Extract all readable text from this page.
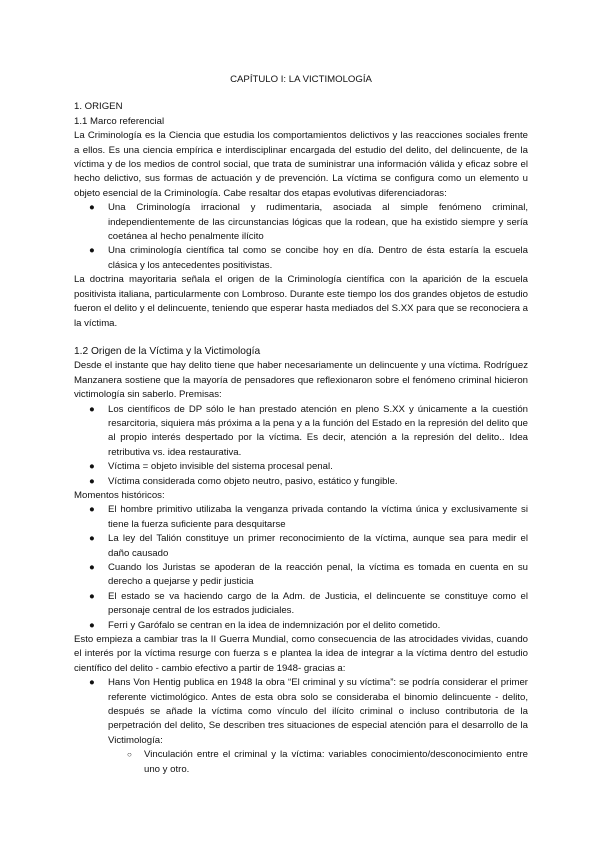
CAPÍTULO I: LA VICTIMOLOGÍA
1. ORIGEN
1.1 Marco referencial

La Criminología es la Ciencia que estudia los comportamientos delictivos y las reacciones sociales frente a ellos. Es una ciencia empírica e interdisciplinar encargada del estudio del delito, del delincuente, de la víctima y de los medios de control social, que trata de suministrar una información válida y eficaz sobre el hecho delictivo, sus formas de actuación y de prevención. La víctima se configura como un elemento u objeto esencial de la Criminología. Cabe resaltar dos etapas evolutivas diferenciadoras:

● Una Criminología irracional y rudimentaria, asociada al simple fenómeno criminal, independientemente de las circunstancias lógicas que la rodean, que ha existido siempre y sería coetánea al hecho penalmente ilícito
● Una criminología científica tal como se concibe hoy en día. Dentro de ésta estaría la escuela clásica y los antecedentes positivistas.

La doctrina mayoritaria señala el origen de la Criminología científica con la aparición de la escuela positivista italiana, particularmente con Lombroso. Durante este tiempo los dos grandes objetos de estudio fueron el delito y el delincuente, teniendo que esperar hasta mediados del S.XX para que se reconociera a la víctima.

1.2 Origen de la Víctima y la Victimología

Desde el instante que hay delito tiene que haber necesariamente un delincuente y una víctima. Rodríguez Manzanera sostiene que la mayoría de pensadores que reflexionaron sobre el fenómeno criminal hicieron victimología sin saberlo. Premisas:

● Los científicos de DP sólo le han prestado atención en pleno S.XX y únicamente a la cuestión resarcitoria, siquiera más próxima a la pena y a la función del Estado en la represión del delito que al propio interés despertado por la víctima. Es decir, atención a la represión del delito.. Idea retributiva vs. idea restaurativa.
● Víctima = objeto invisible del sistema procesal penal.
● Víctima considerada como objeto neutro, pasivo, estático y fungible.

Momentos históricos:

● El hombre primitivo utilizaba la venganza privada contando la víctima única y exclusivamente si tiene la fuerza suficiente para desquitarse
● La ley del Talión constituye un primer reconocimiento de la víctima, aunque sea para medir el daño causado
● Cuando los Juristas se apoderan de la reacción penal, la víctima es tomada en cuenta en su derecho a quejarse y pedir justicia
● El estado se va haciendo cargo de la Adm. de Justicia, el delincuente se constituye como el personaje central de los estrados judiciales.
● Ferri y Garófalo se centran en la idea de indemnización por el delito cometido.

Esto empieza a cambiar tras la II Guerra Mundial, como consecuencia de las atrocidades vividas, cuando el interés por la víctima resurge con fuerza s e plantea la idea de integrar a la víctima dentro del estudio científico del delito - cambio efectivo a partir de 1948- gracias a:

● Hans Von Hentig publica en 1948 la obra “El criminal y su víctima”: se podría considerar el primer referente victimológico. Antes de esta obra solo se consideraba el binomio delincuente - delito, después se añade la víctima como vínculo del ilícito criminal o incluso contributoria de la perpetración del delito, Se describen tres situaciones de especial atención para el desarrollo de la Victimología:
○ Vinculación entre el criminal y la víctima: variables conocimiento/desconocimiento entre uno y otro.
